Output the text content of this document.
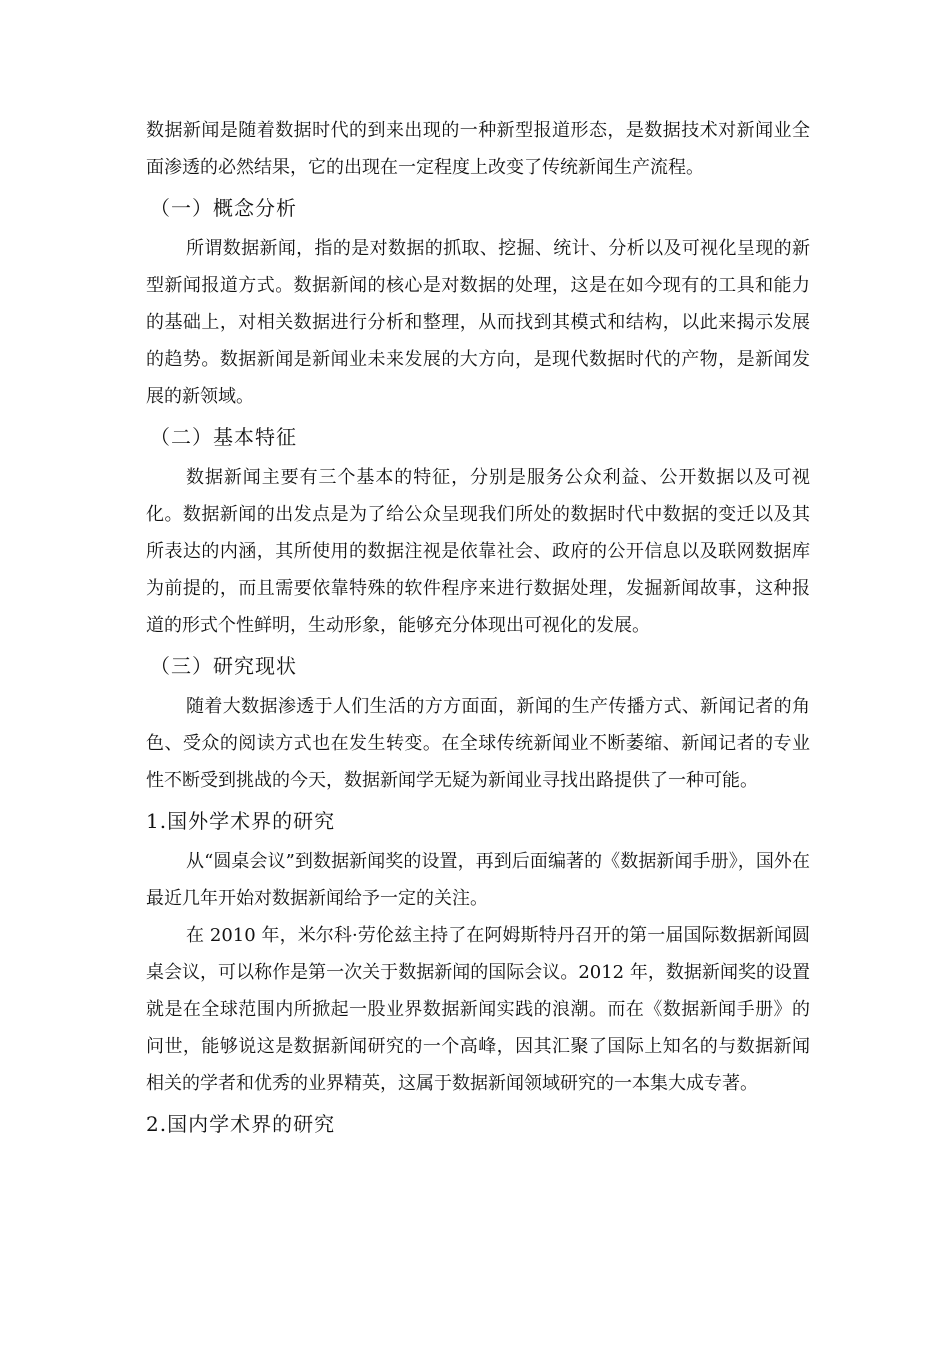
数据新闻是随着数据时代的到来出现的一种新型报道形态，是数据技术对新闻业全面渗透的必然结果，它的出现在一定程度上改变了传统新闻生产流程。

（一）概念分析

所谓数据新闻，指的是对数据的抓取、挖掘、统计、分析以及可视化呈现的新型新闻报道方式。数据新闻的核心是对数据的处理，这是在如今现有的工具和能力的基础上，对相关数据进行分析和整理，从而找到其模式和结构，以此来揭示发展的趋势。数据新闻是新闻业未来发展的大方向，是现代数据时代的产物，是新闻发展的新领域。

（二）基本特征

数据新闻主要有三个基本的特征，分别是服务公众利益、公开数据以及可视化。数据新闻的出发点是为了给公众呈现我们所处的数据时代中数据的变迁以及其所表达的内涵，其所使用的数据注视是依靠社会、政府的公开信息以及联网数据库为前提的，而且需要依靠特殊的软件程序来进行数据处理，发掘新闻故事，这种报道的形式个性鲜明，生动形象，能够充分体现出可视化的发展。

（三）研究现状

随着大数据渗透于人们生活的方方面面，新闻的生产传播方式、新闻记者的角色、受众的阅读方式也在发生转变。在全球传统新闻业不断萎缩、新闻记者的专业性不断受到挑战的今天，数据新闻学无疑为新闻业寻找出路提供了一种可能。

1.国外学术界的研究

从“圆桌会议”到数据新闻奖的设置，再到后面编著的《数据新闻手册》，国外在最近几年开始对数据新闻给予一定的关注。

在 2010 年，米尔科·劳伦兹主持了在阿姆斯特丹召开的第一届国际数据新闻圆桌会议，可以称作是第一次关于数据新闻的国际会议。2012 年，数据新闻奖的设置就是在全球范围内所掀起一股业界数据新闻实践的浪潮。而在《数据新闻手册》的问世，能够说这是数据新闻研究的一个高峰，因其汇聚了国际上知名的与数据新闻相关的学者和优秀的业界精英，这属于数据新闻领域研究的一本集大成专著。

2.国内学术界的研究
